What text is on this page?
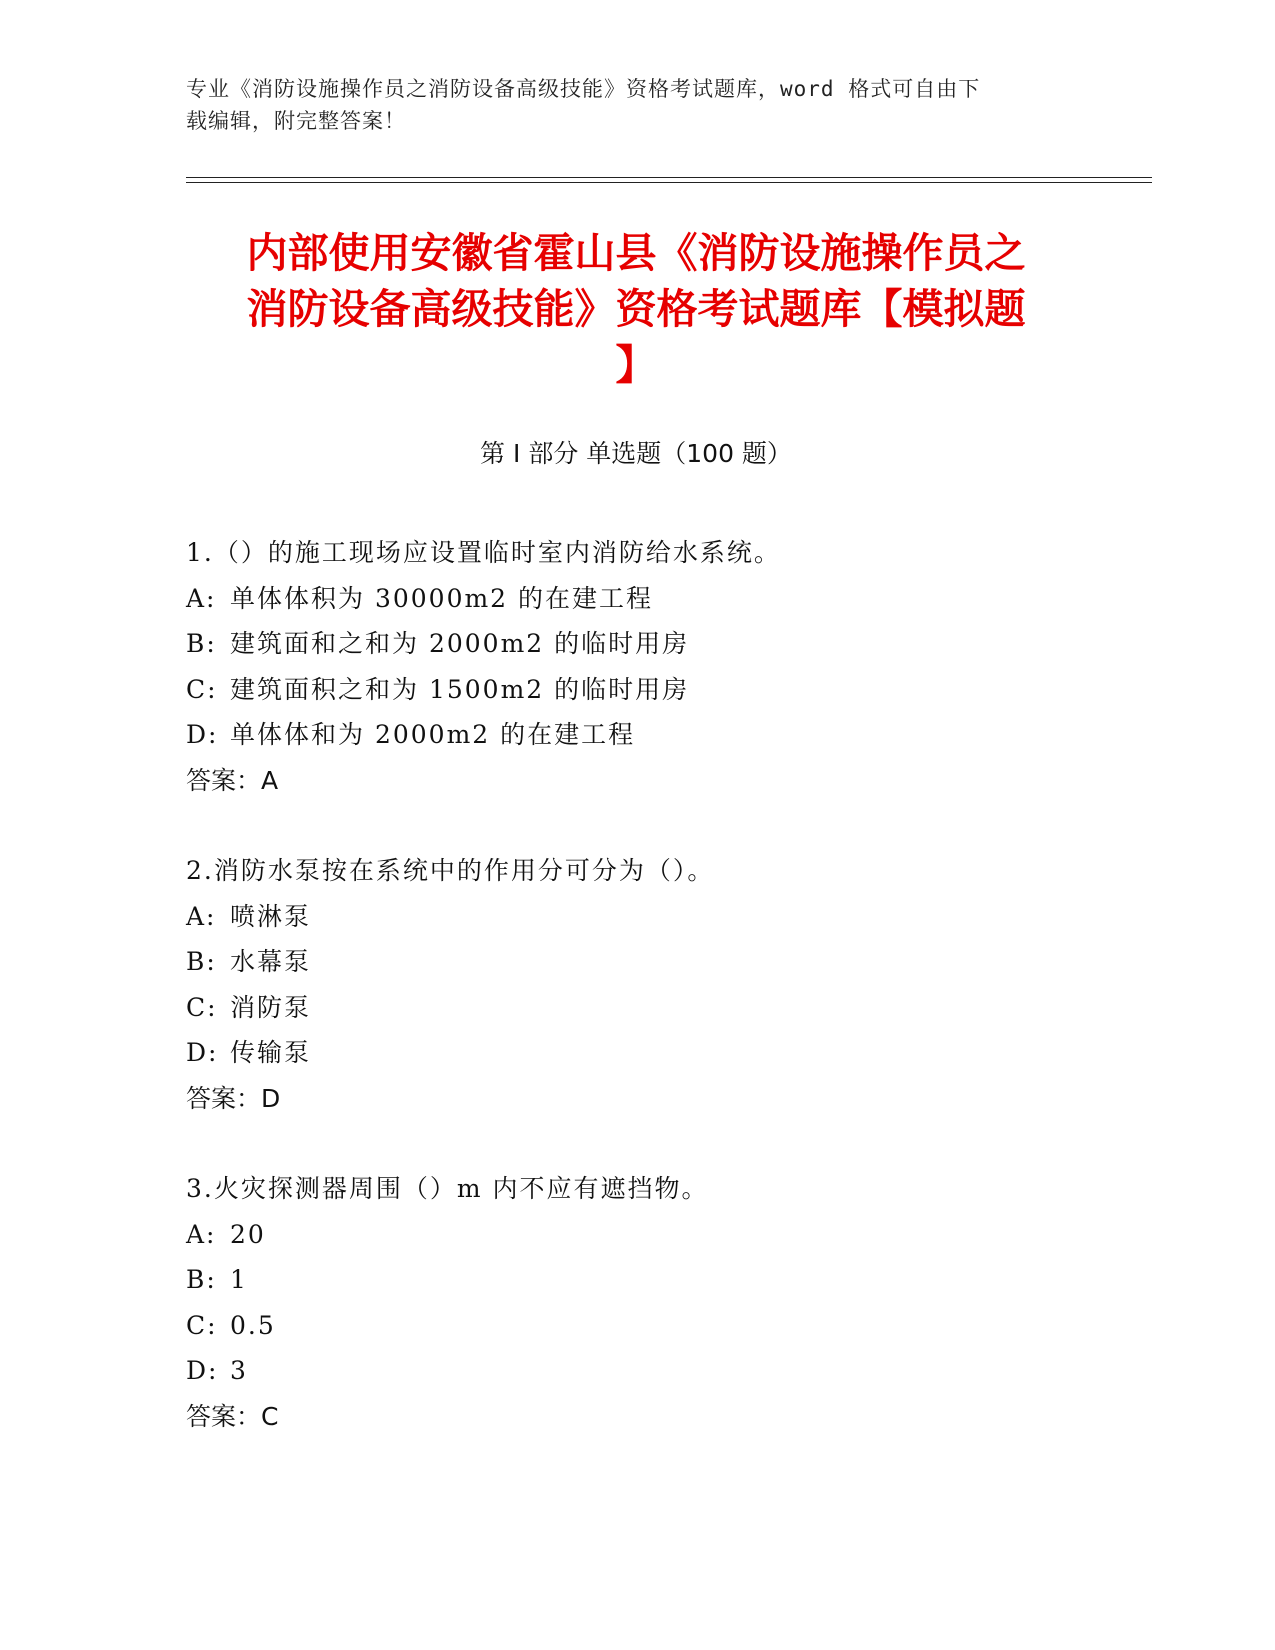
专业《消防设施操作员之消防设备高级技能》资格考试题库，word 格式可自由下
载编辑，附完整答案！
内部使用安徽省霍山县《消防设施操作员之
消防设备高级技能》资格考试题库【模拟题
】
第 I 部分 单选题（100 题）
1.（）的施工现场应设置临时室内消防给水系统。
A: 单体体积为 30000m2 的在建工程
B: 建筑面和之和为 2000m2 的临时用房
C: 建筑面积之和为 1500m2 的临时用房
D: 单体体和为 2000m2 的在建工程
答案：A
2.消防水泵按在系统中的作用分可分为（）。
A: 喷淋泵
B: 水幕泵
C: 消防泵
D: 传输泵
答案：D
3.火灾探测器周围（）m 内不应有遮挡物。
A: 20
B: 1
C: 0.5
D: 3
答案：C
